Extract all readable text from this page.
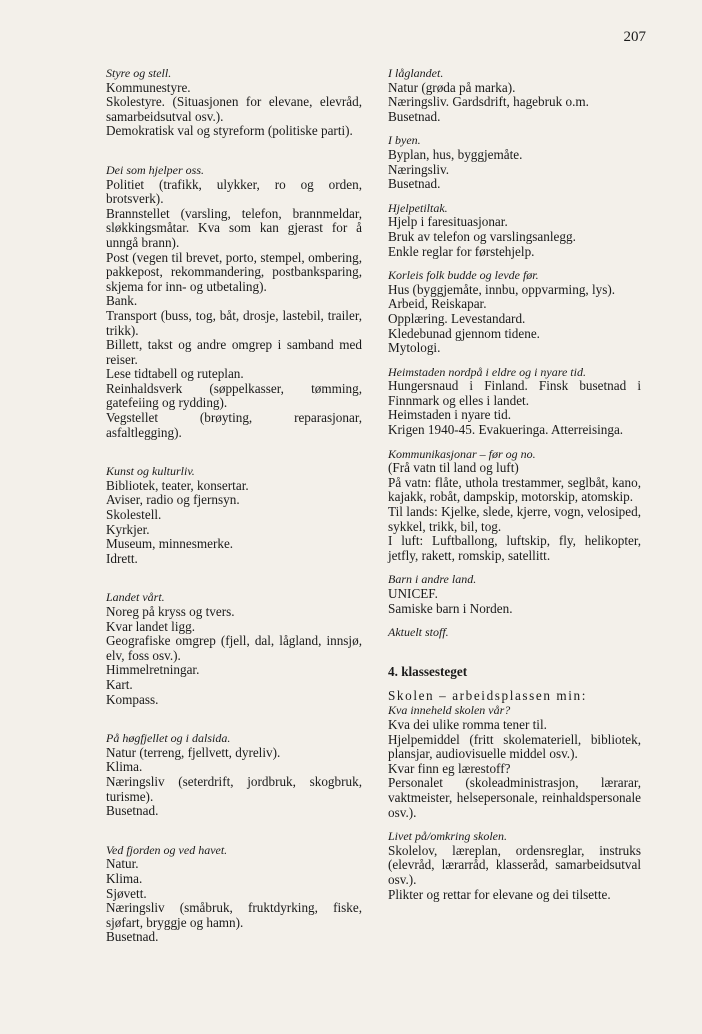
207
Styre og stell.
Kommunestyre.
Skolestyre. (Situasjonen for elevane, elevråd, samarbeidsutval osv.).
Demokratisk val og styreform (politiske parti).
Dei som hjelper oss.
Politiet (trafikk, ulykker, ro og orden, brotsverk).
Brannstellet (varsling, telefon, brannmeldar, sløkkingsmåtar. Kva som kan gjerast for å unngå brann).
Post (vegen til brevet, porto, stempel, ombering, pakkepost, rekommandering, postbanksparing, skjema for inn- og utbetaling).
Bank.
Transport (buss, tog, båt, drosje, lastebil, trailer, trikk).
Billett, takst og andre omgrep i samband med reiser.
Lese tidtabell og ruteplan.
Reinhaldsverk (søppelkasser, tømming, gatefeiing og rydding).
Vegstellet (brøyting, reparasjonar, asfaltlegging).
Kunst og kulturliv.
Bibliotek, teater, konsertar.
Aviser, radio og fjernsyn.
Skolestell.
Kyrkjer.
Museum, minnesmerke.
Idrett.
Landet vårt.
Noreg på kryss og tvers.
Kvar landet ligg.
Geografiske omgrep (fjell, dal, lågland, innsjø, elv, foss osv.).
Himmelretningar.
Kart.
Kompass.
På høgfjellet og i dalsida.
Natur (terreng, fjellvett, dyreliv).
Klima.
Næringsliv (seterdrift, jordbruk, skogbruk, turisme).
Busetnad.
Ved fjorden og ved havet.
Natur.
Klima.
Sjøvett.
Næringsliv (småbruk, fruktdyrking, fiske, sjøfart, bryggje og hamn).
Busetnad.
I låglandet.
Natur (grøda på marka).
Næringsliv. Gardsdrift, hagebruk o.m.
Busetnad.
I byen.
Byplan, hus, byggjemåte.
Næringsliv.
Busetnad.
Hjelpetiltak.
Hjelp i faresituasjonar.
Bruk av telefon og varslingsanlegg.
Enkle reglar for førstehjelp.
Korleis folk budde og levde før.
Hus (byggjemåte, innbu, oppvarming, lys).
Arbeid, Reiskapar.
Opplæring. Levestandard.
Kledebunad gjennom tidene.
Mytologi.
Heimstaden nordpå i eldre og i nyare tid.
Hungersnaud i Finland. Finsk busetnad i Finnmark og elles i landet.
Heimstaden i nyare tid.
Krigen 1940-45. Evakueringa. Atterreisinga.
Kommunikasjonar – før og no.
(Frå vatn til land og luft)
På vatn: flåte, uthola trestammer, seglbåt, kano, kajakk, robåt, dampskip, motorskip, atomskip.
Til lands: Kjelke, slede, kjerre, vogn, velosiped, sykkel, trikk, bil, tog.
I luft: Luftballong, luftskip, fly, helikopter, jetfly, rakett, romskip, satellitt.
Barn i andre land.
UNICEF.
Samiske barn i Norden.
Aktuelt stoff.
4. klassesteget
Skolen – arbeidsplassen min:
Kva inneheld skolen vår?
Kva dei ulike romma tener til.
Hjelpemiddel (fritt skolemateriell, bibliotek, plansjar, audiovisuelle middel osv.).
Kvar finn eg lærestoff?
Personalet (skoleadministrasjon, lærarar, vaktmeister, helsepersonale, reinhaldspersonale osv.).
Livet på/omkring skolen.
Skolelov, læreplan, ordensreglar, instruks (elevråd, lærarråd, klasseråd, samarbeidsutval osv.).
Plikter og rettar for elevane og dei tilsette.
